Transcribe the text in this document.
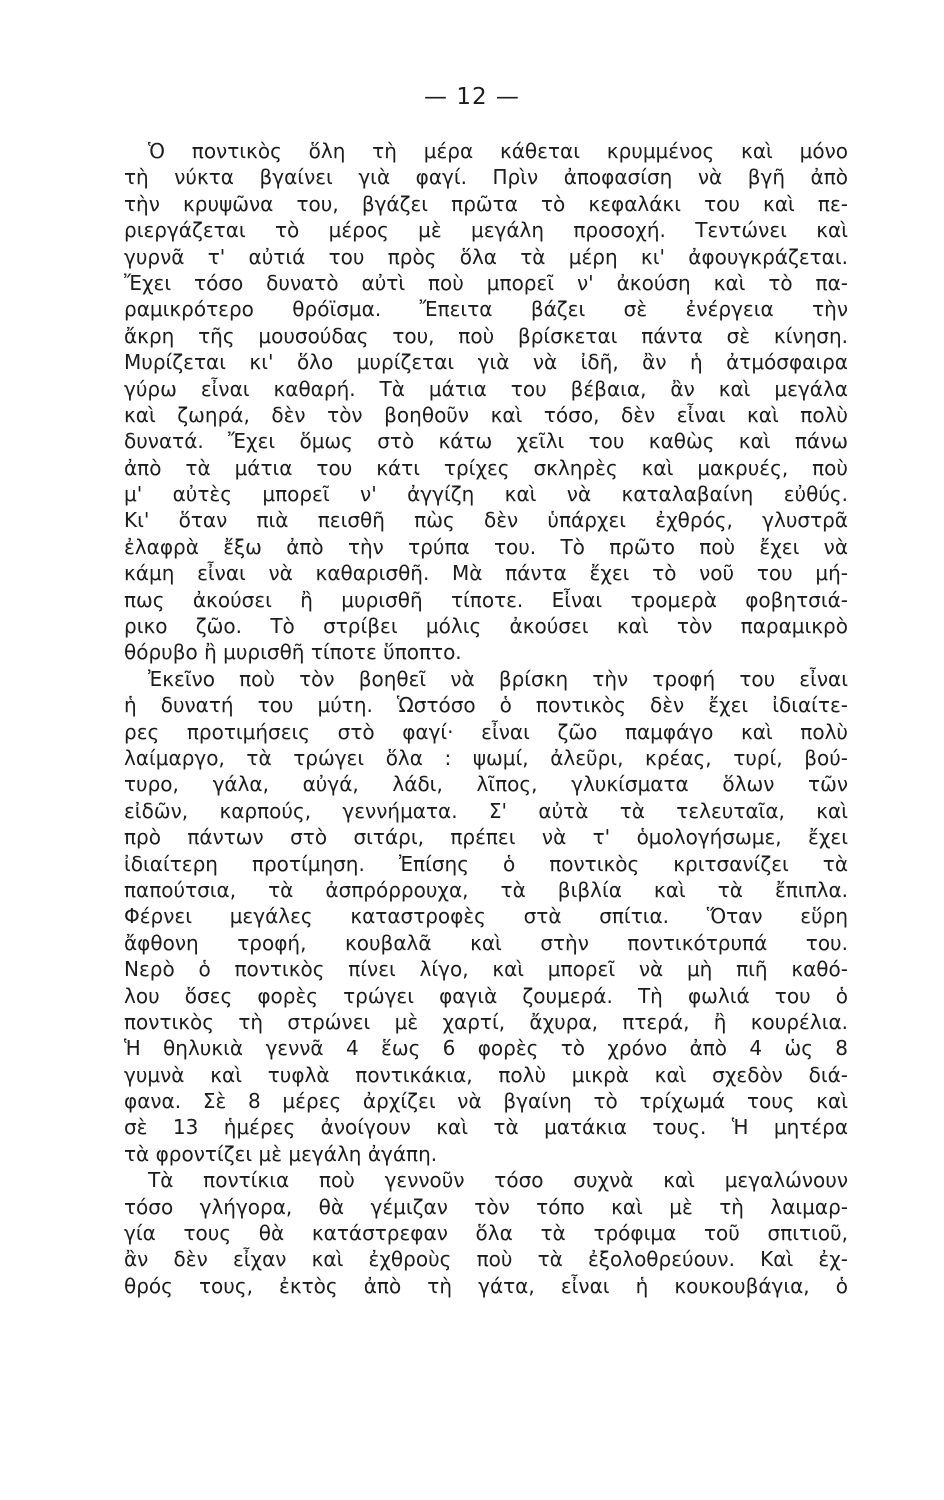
— 12 —
Ὁ ποντικὸς ὅλη τὴ μέρα κάθεται κρυμμένος καὶ μόνο
τὴ νύκτα βγαίνει γιὰ φαγί. Πρὶν ἀποφασίση νὰ βγῆ ἀπὸ
τὴν κρυψῶνα του, βγάζει πρῶτα τὸ κεφαλάκι του καὶ πε-
ριεργάζεται τὸ μέρος μὲ μεγάλη προσοχή. Τεντώνει καὶ
γυρνᾶ τ' αὐτιά του πρὸς ὅλα τὰ μέρη κι' ἀφουγκράζεται.
Ἔχει τόσο δυνατὸ αὐτὶ ποὺ μπορεῖ ν' ἀκούση καὶ τὸ πα-
ραμικρότερο θρόϊσμα. Ἔπειτα βάζει σὲ ἐνέργεια τὴν
ἄκρη τῆς μουσούδας του, ποὺ βρίσκεται πάντα σὲ κίνηση.
Μυρίζεται κι' ὅλο μυρίζεται γιὰ νὰ ἰδῆ, ἂν ἡ ἀτμόσφαιρα
γύρω εἶναι καθαρή. Τὰ μάτια του βέβαια, ἂν καὶ μεγάλα
καὶ ζωηρά, δὲν τὸν βοηθοῦν καὶ τόσο, δὲν εἶναι καὶ πολὺ
δυνατά. Ἔχει ὅμως στὸ κάτω χεῖλι του καθὼς καὶ πάνω
ἀπὸ τὰ μάτια του κάτι τρίχες σκληρὲς καὶ μακρυές, ποὺ
μ' αὐτὲς μπορεῖ ν' ἀγγίζη καὶ νὰ καταλαβαίνη εὐθύς.
Κι' ὅταν πιὰ πεισθῆ πὼς δὲν ὑπάρχει ἐχθρός, γλυστρᾶ
ἐλαφρὰ ἔξω ἀπὸ τὴν τρύπα του. Τὸ πρῶτο ποὺ ἔχει νὰ
κάμη εἶναι νὰ καθαρισθῆ. Μὰ πάντα ἔχει τὸ νοῦ του μή-
πως ἀκούσει ἢ μυρισθῆ τίποτε. Εἶναι τρομερὰ φοβητσιά-
ρικο ζῶο. Τὸ στρίβει μόλις ἀκούσει καὶ τὸν παραμικρὸ
θόρυβο ἢ μυρισθῆ τίποτε ὕποπτο.
Ἐκεῖνο ποὺ τὸν βοηθεῖ νὰ βρίσκη τὴν τροφή του εἶναι
ἡ δυνατή του μύτη. Ὡστόσο ὁ ποντικὸς δὲν ἔχει ἰδιαίτε-
ρες προτιμήσεις στὸ φαγί· εἶναι ζῶο παμφάγο καὶ πολὺ
λαίμαργο, τὰ τρώγει ὅλα : ψωμί, ἀλεῦρι, κρέας, τυρί, βού-
τυρο, γάλα, αὐγά, λάδι, λῖπος, γλυκίσματα ὅλων τῶν
εἰδῶν, καρπούς, γεννήματα. Σ' αὐτὰ τὰ τελευταῖα, καὶ
πρὸ πάντων στὸ σιτάρι, πρέπει νὰ τ' ὁμολογήσωμε, ἔχει
ἰδιαίτερη προτίμηση. Ἐπίσης ὁ ποντικὸς κριτσανίζει τὰ
παπούτσια, τὰ ἀσπρόρρουχα, τὰ βιβλία καὶ τὰ ἔπιπλα.
Φέρνει μεγάλες καταστροφὲς στὰ σπίτια. Ὅταν εὕρη
ἄφθονη τροφή, κουβαλᾶ καὶ στὴν ποντικότρυπά του.
Νερὸ ὁ ποντικὸς πίνει λίγο, καὶ μπορεῖ νὰ μὴ πιῆ καθό-
λου ὅσες φορὲς τρώγει φαγιὰ ζουμερά. Τὴ φωλιά του ὁ
ποντικὸς τὴ στρώνει μὲ χαρτί, ἄχυρα, πτερά, ἢ κουρέλια.
Ἡ θηλυκιὰ γεννᾶ 4 ἕως 6 φορὲς τὸ χρόνο ἀπὸ 4 ὡς 8
γυμνὰ καὶ τυφλὰ ποντικάκια, πολὺ μικρὰ καὶ σχεδὸν διά-
φανα. Σὲ 8 μέρες ἀρχίζει νὰ βγαίνη τὸ τρίχωμά τους καὶ
σὲ 13 ἡμέρες ἀνοίγουν καὶ τὰ ματάκια τους. Ἡ μητέρα
τὰ φροντίζει μὲ μεγάλη ἀγάπη.
Τὰ ποντίκια ποὺ γεννοῦν τόσο συχνὰ καὶ μεγαλώνουν
τόσο γλήγορα, θὰ γέμιζαν τὸν τόπο καὶ μὲ τὴ λαιμαρ-
γία τους θὰ κατάστρεφαν ὅλα τὰ τρόφιμα τοῦ σπιτιοῦ,
ἂν δὲν εἶχαν καὶ ἐχθροὺς ποὺ τὰ ἐξολοθρεύουν. Καὶ ἐχ-
θρός τους, ἐκτὸς ἀπὸ τὴ γάτα, εἶναι ἡ κουκουβάγια, ὁ
